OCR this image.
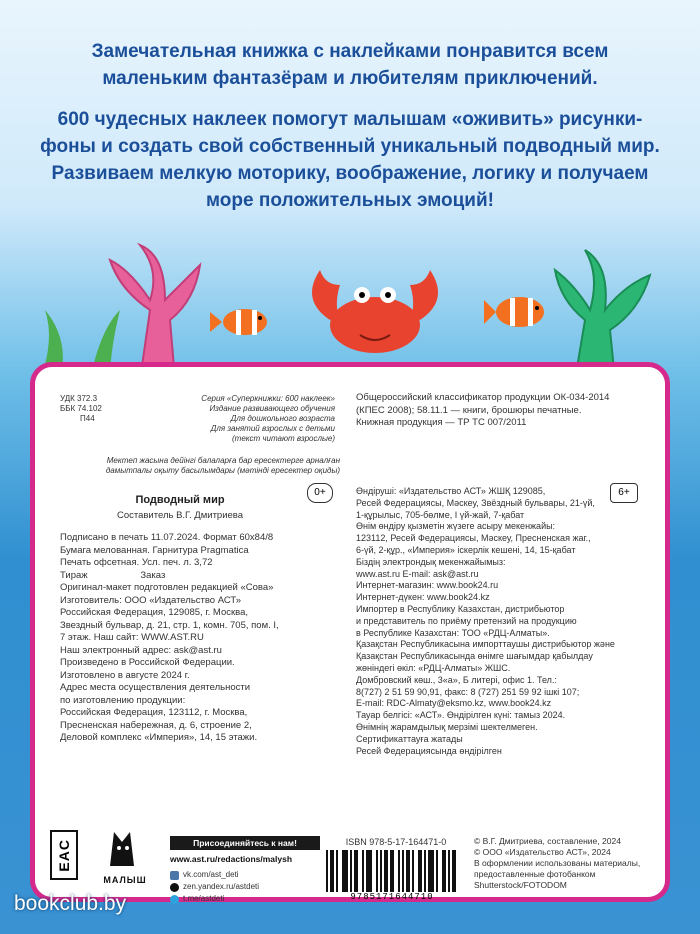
Замечательная книжка с наклейками понравится всем маленьким фантазёрам и любителям приключений.

600 чудесных наклеек помогут малышам «оживить» рисунки-фоны и создать свой собственный уникальный подводный мир. Развиваем мелкую моторику, воображение, логику и получаем море положительных эмоций!

УДК 372.3
ББК 74.102
П44
Серия «Суперкнижки: 600 наклеек»
Издание развивающего обучения
Для дошкольного возраста
Для занятий взрослых с детьми
(текст читают взрослые)
Мектеп жасына дейінгі балаларға бар ересектерге арналған
дамытпалы оқыту басылымдары (мәтіндi ересектер оқиды)
Общероссийский классификатор продукции ОК-034-2014
(КПЕС 2008); 58.11.1 — книги, брошюры печатные.
Книжная продукция — ТР ТС 007/2011
Подводный мир
Составитель В.Г. Дмитриева
0+
Подписано в печать 11.07.2024. Формат 60x84/8
Бумага мелованная. Гарнитура Pragmatica
Печать офсетная. Усл. печ. л. 3,72
Тираж                    Заказ
Оригинал-макет подготовлен редакцией «Сова»
Изготовитель: ООО «Издательство АСТ»
Российская Федерация, 129085, г. Москва,
Звездный бульвар, д. 21, стр. 1, комн. 705, пом. I,
7 этаж. Наш сайт: WWW.AST.RU
Наш электронный адрес: ask@ast.ru
Произведено в Российской Федерации.
Изготовлено в августе 2024 г.
Адрес места осуществления деятельности
по изготовлению продукции:
Российская Федерация, 123112, г. Москва,
Пресненская набережная, д. 6, строение 2,
Деловой комплекс «Империя», 14, 15 этажи.
Өндіруші: «Издательство АСТ» ЖШҚ 129085,
Ресей Федерациясы, Мәскеу, Звёздный бульвары, 21-үй,
1-құрылыс, 705-бөлме, I үй-жай, 7-қабат
Өнім өндіру қызметін жүзеге асыру мекенжайы:
123112, Ресей Федерациясы, Мәскеу, Пресненская жаг.,
6-үй, 2-құр., «Империя» іскерлік кешені, 14, 15-қабат
Біздің электрондық мекенжайымыз:
www.ast.ru E-mail: ask@ast.ru
Интернет-магазин: www.book24.ru
Интернет-дүкен: www.book24.kz
Импортер в Республику Казахстан, дистрибьютор
и представитель по приёму претензий на продукцию
в Республике Казахстан: ТОО «РДЦ-Алматы».
Қазақстан Республикасына импорттаушы дистрибьютор және
Қазақстан Республикасында өнімге шағымдар қабылдау
жөніндегі өкіл: «РДЦ-Алматы» ЖШС.
Домбровский көш., 3«а», Б литері, офис 1. Тел.:
8(727) 2 51 59 90,91, факс: 8 (727) 251 59 92 ішкі 107;
E-mail: RDC-Almaty@eksmo.kz, www.book24.kz
Тауар белгісі: «АСТ». Өндірілген күні: тамыз 2024.
Өнімнің жарамдылық мерзімі шектелмеген.
Сертификаттауға жатады
Ресей Федерациясында өндірілген
6+
EAC
МАЛЫШ
Присоединяйтесь к нам!
www.ast.ru/redactions/malysh
vk.com/ast_deti
zen.yandex.ru/astdeti
t.me/astdeti
ISBN 978-5-17-164471-0
9785171644710
© В.Г. Дмитриева, составление, 2024
© ООО «Издательство АСТ», 2024
В оформлении использованы материалы,
предоставленные фотобанком
Shutterstock/FOTODOM
bookclub.by
